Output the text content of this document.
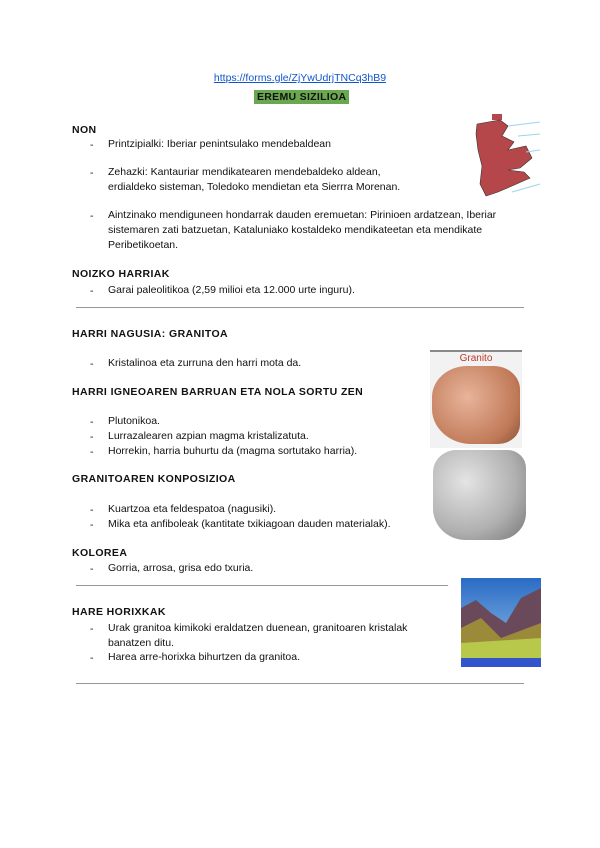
https://forms.gle/ZjYwUdrjTNCq3hB9
EREMU SIZILIOA
NON
- Printzipialki: Iberiar penintsulako mendebaldean
- Zehazki: Kantauriar mendikatearen mendebaldeko aldean,
erdialdeko sisteman, Toledoko mendietan eta Sierrra Morenan.
- Aintzinako mendiguneen hondarrak dauden eremuetan: Pirinioen ardatzean, Iberiar
sistemaren zati batzuetan, Kataluniako kostaldeko mendikateetan eta mendikate
Peribetikoetan.
NOIZKO HARRIAK
- Garai paleolitikoa (2,59 milioi eta 12.000 urte inguru).
HARRI NAGUSIA: GRANITOA
- Kristalinoa eta zurruna den harri mota da.
HARRI IGNEOAREN BARRUAN ETA NOLA SORTU ZEN
- Plutonikoa.
- Lurrazalearen azpian magma kristalizatuta.
- Horrekin, harria buhurtu da (magma sortutako harria).
GRANITOAREN KONPOSIZIOA
- Kuartzoa eta feldespatoa (nagusiki).
- Mika eta anfiboleak (kantitate txikiagoan dauden materialak).
KOLOREA
- Gorria, arrosa, grisa edo txuria.
HARE HORIXKAK
- Urak granitoa kimikoki eraldatzen duenean, granitoaren kristalak
banatzen ditu.
- Harea arre-horixka bihurtzen da granitoa.
Granito
